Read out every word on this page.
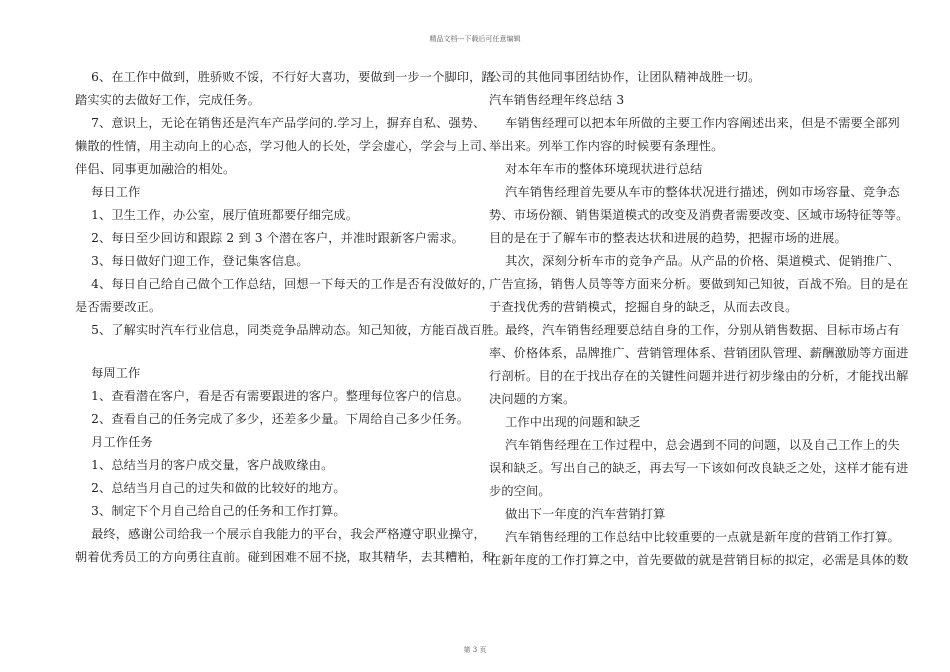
精品文档---下载后可任意编辑
6、在工作中做到，胜骄败不馁，不行好大喜功，要做到一步一个脚印，踏
踏实实的去做好工作，完成任务。
7、意识上，无论在销售还是汽车产品学问的.学习上，摒弃自私、强势、
懒散的性情，用主动向上的心态，学习他人的长处，学会虚心，学会与上司、
伴侣、同事更加融洽的相处。
每日工作
1、卫生工作，办公室，展厅值班都要仔细完成。
2、每日至少回访和跟踪 2 到 3 个潜在客户，并准时跟新客户需求。
3、每日做好门迎工作，登记集客信息。
4、每日自己给自己做个工作总结，回想一下每天的工作是否有没做好的，
是否需要改正。
5、了解实时汽车行业信息，同类竞争品牌动态。知己知彼，方能百战百胜。
每周工作
1、查看潜在客户，看是否有需要跟进的客户。整理每位客户的信息。
2、查看自己的任务完成了多少，还差多少量。下周给自己多少任务。
月工作任务
1、总结当月的客户成交量，客户战败缘由。
2、总结当月自己的过失和做的比较好的地方。
3、制定下个月自己给自己的任务和工作打算。
最终，感谢公司给我一个展示自我能力的平台，我会严格遵守职业操守，
朝着优秀员工的方向勇往直前。碰到困难不屈不挠，取其精华，去其糟粕，和
公司的其他同事团结协作，让团队精神战胜一切。
汽车销售经理年终总结 3
车销售经理可以把本年所做的主要工作内容阐述出来，但是不需要全部列
举出来。列举工作内容的时候要有条理性。
对本年车市的整体环境现状进行总结
汽车销售经理首先要从车市的整体状况进行描述，例如市场容量、竞争态
势、市场份额、销售渠道模式的改变及消费者需要改变、区域市场特征等等。
目的是在于了解车市的整表达状和进展的趋势，把握市场的进展。
其次，深刻分析车市的竞争产品。从产品的价格、渠道模式、促销推广、
广告宣扬，销售人员等等方面来分析。要做到知己知彼，百战不殆。目的是在
于查找优秀的营销模式，挖掘自身的缺乏，从而去改良。
最终，汽车销售经理要总结自身的工作，分别从销售数据、目标市场占有
率、价格体系，品牌推广、营销管理体系、营销团队管理、薪酬激励等方面进
行剖析。目的在于找出存在的关键性问题并进行初步缘由的分析，才能找出解
决问题的方案。
工作中出现的问题和缺乏
汽车销售经理在工作过程中，总会遇到不同的问题，以及自己工作上的失
误和缺乏。写出自己的缺乏，再去写一下该如何改良缺乏之处，这样才能有进
步的空间。
做出下一年度的汽车营销打算
汽车销售经理的工作总结中比较重要的一点就是新年度的营销工作打算。
在新年度的工作打算之中，首先要做的就是营销目标的拟定，必需是具体的数
第 3 页
